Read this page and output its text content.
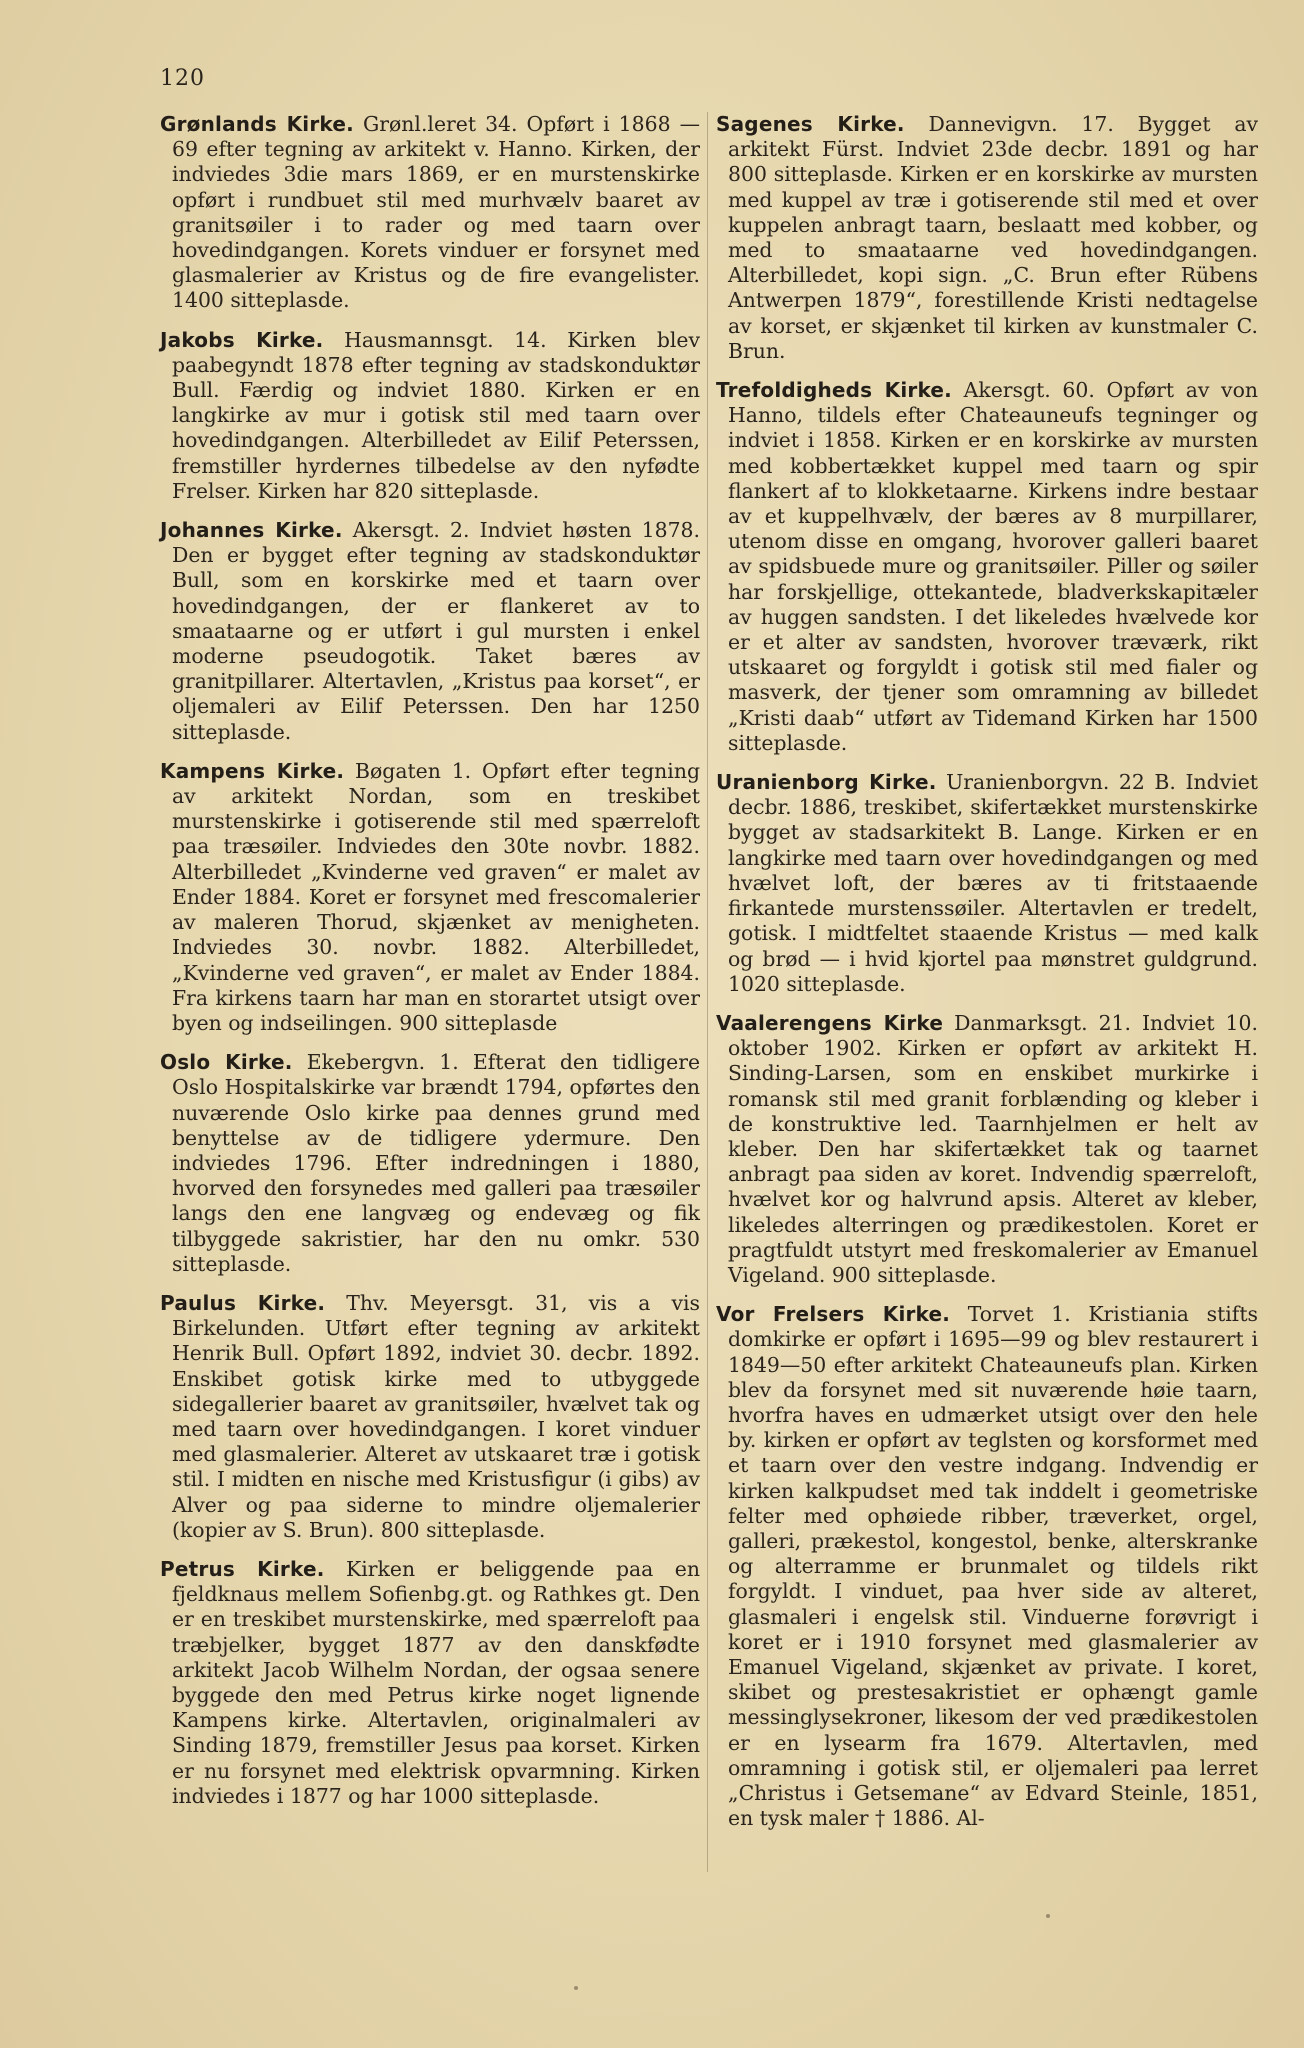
120

Grønlands Kirke. Grønl.leret 34. Opført i 1868 —69 efter tegning av arkitekt v. Hanno. Kirken, der indviedes 3die mars 1869, er en murstenskirke opført i rundbuet stil med murhvælv baaret av granitsøiler i to rader og med taarn over hovedindgangen. Korets vinduer er forsynet med glasmalerier av Kristus og de fire evangelister. 1400 sitteplasde.

Jakobs Kirke. Hausmannsgt. 14. Kirken blev paabegyndt 1878 efter tegning av stadskonduktør Bull. Færdig og indviet 1880. Kirken er en langkirke av mur i gotisk stil med taarn over hovedindgangen. Alterbilledet av Eilif Peterssen, fremstiller hyrdernes tilbedelse av den nyfødte Frelser. Kirken har 820 sitteplasde.

Johannes Kirke. Akersgt. 2. Indviet høsten 1878. Den er bygget efter tegning av stadskonduktør Bull, som en korskirke med et taarn over hovedindgangen, der er flankeret av to smaataarne og er utført i gul mursten i enkel moderne pseudogotik. Taket bæres av granitpillarer. Altertavlen, „Kristus paa korset“, er oljemaleri av Eilif Peterssen. Den har 1250 sitteplasde.

Kampens Kirke. Bøgaten 1. Opført efter tegning av arkitekt Nordan, som en treskibet murstenskirke i gotiserende stil med spærreloft paa træsøiler. Indviedes den 30te novbr. 1882. Alterbilledet „Kvinderne ved graven“ er malet av Ender 1884. Koret er forsynet med frescomalerier av maleren Thorud, skjænket av menigheten. Indviedes 30. novbr. 1882. Alterbilledet, „Kvinderne ved graven“, er malet av Ender 1884. Fra kirkens taarn har man en storartet utsigt over byen og indseilingen. 900 sitteplasde

Oslo Kirke. Ekebergvn. 1. Efterat den tidligere Oslo Hospitalskirke var brændt 1794, opførtes den nuværende Oslo kirke paa dennes grund med benyttelse av de tidligere ydermure. Den indviedes 1796. Efter indredningen i 1880, hvorved den forsynedes med galleri paa træsøiler langs den ene langvæg og endevæg og fik tilbyggede sakristier, har den nu omkr. 530 sitteplasde.

Paulus Kirke. Thv. Meyersgt. 31, vis a vis Birkelunden. Utført efter tegning av arkitekt Henrik Bull. Opført 1892, indviet 30. decbr. 1892. Enskibet gotisk kirke med to utbyggede sidegallerier baaret av granitsøiler, hvælvet tak og med taarn over hovedindgangen. I koret vinduer med glasmalerier. Alteret av utskaaret træ i gotisk stil. I midten en nische med Kristusfigur (i gibs) av Alver og paa siderne to mindre oljemalerier (kopier av S. Brun). 800 sitteplasde.

Petrus Kirke. Kirken er beliggende paa en fjeldknaus mellem Sofienbg.gt. og Rathkes gt. Den er en treskibet murstenskirke, med spærreloft paa træbjelker, bygget 1877 av den danskfødte arkitekt Jacob Wilhelm Nordan, der ogsaa senere byggede den med Petrus kirke noget lignende Kampens kirke. Altertavlen, originalmaleri av Sinding 1879, fremstiller Jesus paa korset. Kirken er nu forsynet med elektrisk opvarmning. Kirken indviedes i 1877 og har 1000 sitteplasde.

Sagenes Kirke. Dannevigvn. 17. Bygget av arkitekt Fürst. Indviet 23de decbr. 1891 og har 800 sitteplasde. Kirken er en korskirke av mursten med kuppel av træ i gotiserende stil med et over kuppelen anbragt taarn, beslaatt med kobber, og med to smaataarne ved hovedindgangen. Alterbilledet, kopi sign. „C. Brun efter Rübens Antwerpen 1879“, forestillende Kristi nedtagelse av korset, er skjænket til kirken av kunstmaler C. Brun.

Trefoldigheds Kirke. Akersgt. 60. Opført av von Hanno, tildels efter Chateauneufs tegninger og indviet i 1858. Kirken er en korskirke av mursten med kobbertækket kuppel med taarn og spir flankert af to klokketaarne. Kirkens indre bestaar av et kuppelhvælv, der bæres av 8 murpillarer, utenom disse en omgang, hvorover galleri baaret av spidsbuede mure og granitsøiler. Piller og søiler har forskjellige, ottekantede, bladverkskapitæler av huggen sandsten. I det likeledes hvælvede kor er et alter av sandsten, hvorover træværk, rikt utskaaret og forgyldt i gotisk stil med fialer og masverk, der tjener som omramning av billedet „Kristi daab“ utført av Tidemand Kirken har 1500 sitteplasde.

Uranienborg Kirke. Uranienborgvn. 22 B. Indviet decbr. 1886, treskibet, skifertækket murstenskirke bygget av stadsarkitekt B. Lange. Kirken er en langkirke med taarn over hovedindgangen og med hvælvet loft, der bæres av ti fritstaaende firkantede murstenssøiler. Altertavlen er tredelt, gotisk. I midtfeltet staaende Kristus — med kalk og brød — i hvid kjortel paa mønstret guldgrund. 1020 sitteplasde.

Vaalerengens Kirke Danmarksgt. 21. Indviet 10. oktober 1902. Kirken er opført av arkitekt H. Sinding-Larsen, som en enskibet murkirke i romansk stil med granit forblænding og kleber i de konstruktive led. Taarnhjelmen er helt av kleber. Den har skifertækket tak og taarnet anbragt paa siden av koret. Indvendig spærreloft, hvælvet kor og halvrund apsis. Alteret av kleber, likeledes alterringen og prædikestolen. Koret er pragtfuldt utstyrt med freskomalerier av Emanuel Vigeland. 900 sitteplasde.

Vor Frelsers Kirke. Torvet 1. Kristiania stifts domkirke er opført i 1695—99 og blev restaurert i 1849—50 efter arkitekt Chateauneufs plan. Kirken blev da forsynet med sit nuværende høie taarn, hvorfra haves en udmærket utsigt over den hele by. kirken er opført av teglsten og korsformet med et taarn over den vestre indgang. Indvendig er kirken kalkpudset med tak inddelt i geometriske felter med ophøiede ribber, træverket, orgel, galleri, prækestol, kongestol, benke, alterskranke og alterramme er brunmalet og tildels rikt forgyldt. I vinduet, paa hver side av alteret, glasmaleri i engelsk stil. Vinduerne forøvrigt i koret er i 1910 forsynet med glasmalerier av Emanuel Vigeland, skjænket av private. I koret, skibet og prestesakristiet er ophængt gamle messinglysekroner, likesom der ved prædikestolen er en lysearm fra 1679. Altertavlen, med omramning i gotisk stil, er oljemaleri paa lerret „Christus i Getsemane“ av Edvard Steinle, 1851, en tysk maler † 1886. Al-
